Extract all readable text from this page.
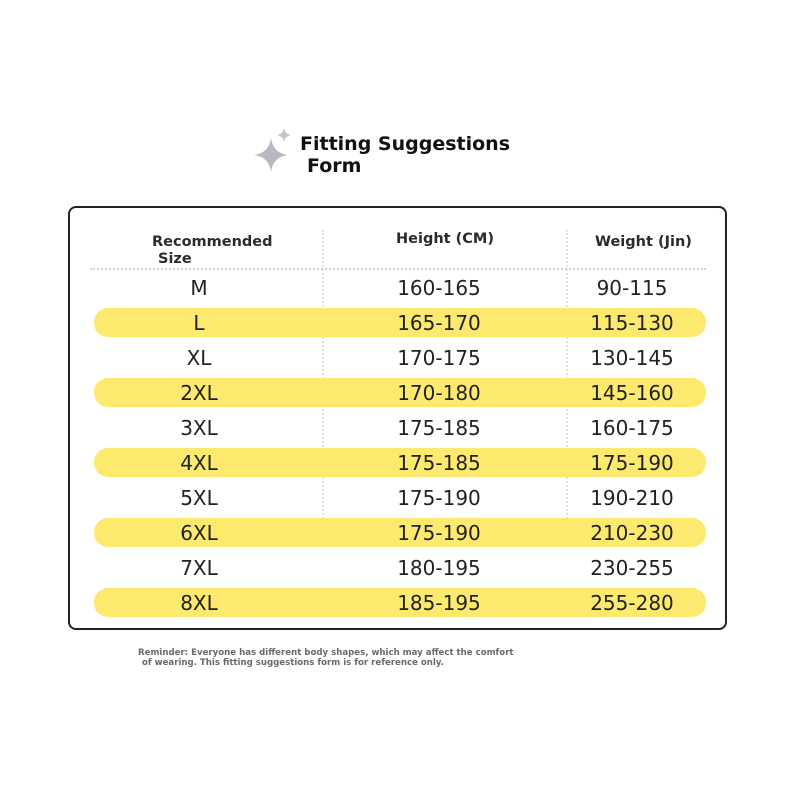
Fitting Suggestions
Form
Recommended
Size
Height (CM)	Weight (Jin)
M	160-165	90-115
L	165-170	115-130
XL	170-175	130-145
2XL	170-180	145-160
3XL	175-185	160-175
4XL	175-185	175-190
5XL	175-190	190-210
6XL	175-190	210-230
7XL	180-195	230-255
8XL	185-195	255-280
Reminder: Everyone has different body shapes, which may affect the comfort
of wearing. This fitting suggestions form is for reference only.
